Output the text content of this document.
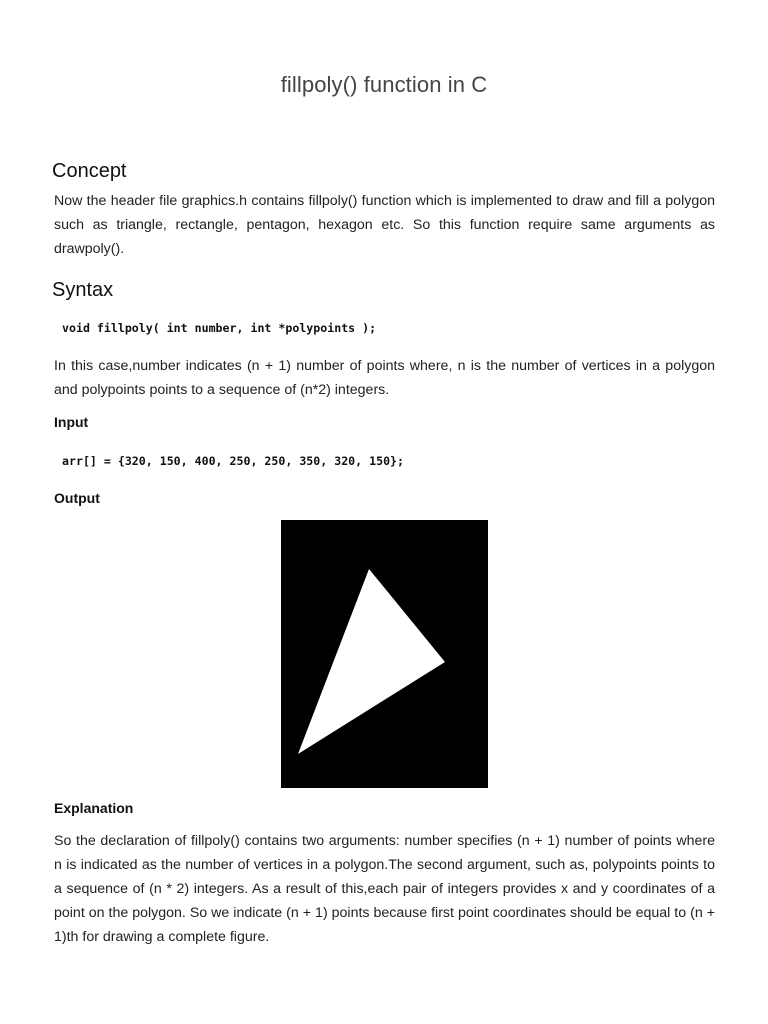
fillpoly() function in C
Concept

Now the header file graphics.h contains fillpoly() function which is implemented to draw and fill a polygon such as triangle, rectangle, pentagon, hexagon etc. So this function require same arguments as drawpoly().

Syntax
void fillpoly( int number, int *polypoints );

In this case,number indicates (n + 1) number of points where, n is the number of vertices in a polygon and polypoints points to a sequence of (n*2) integers.

Input
arr[] = {320, 150, 400, 250, 250, 350, 320, 150};
Output
Explanation

So the declaration of fillpoly() contains two arguments: number specifies (n + 1) number of points where n is indicated as the number of vertices in a polygon.The second argument, such as, polypoints points to a sequence of (n * 2) integers. As a result of this,each pair of integers provides x and y coordinates of a point on the polygon. So we indicate (n + 1) points because first point coordinates should be equal to (n + 1)th for drawing a complete figure.
